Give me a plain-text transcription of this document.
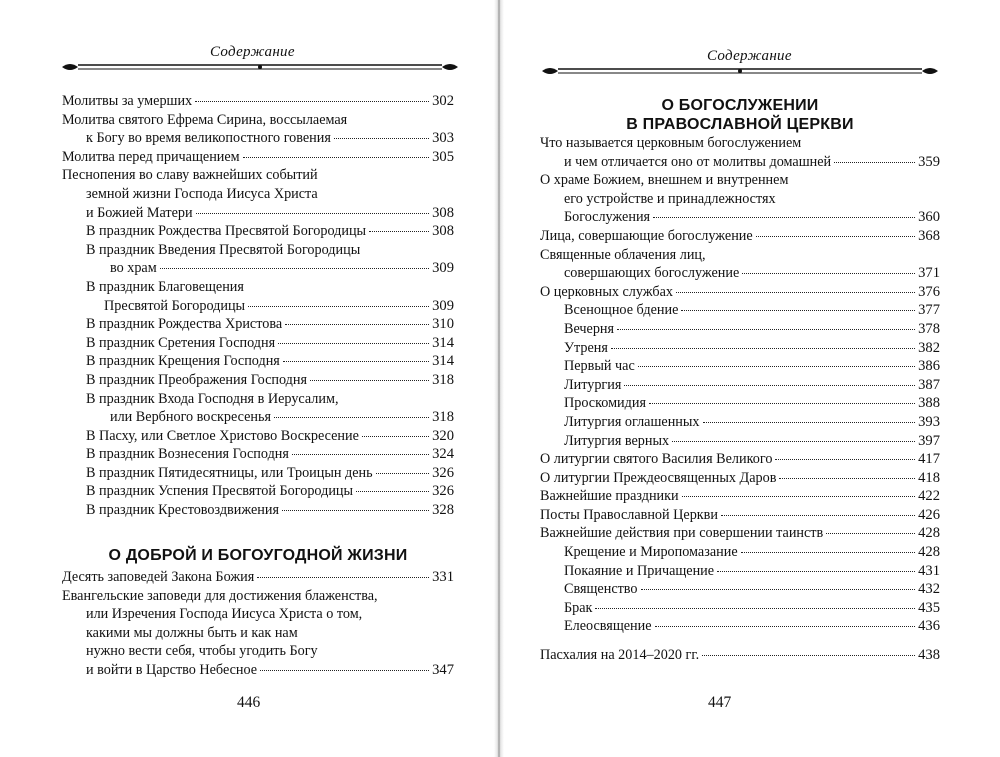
Содержание
Молитвы за умерших	302
Молитва святого Ефрема Сирина, воссылаемая
к Богу во время великопостного говения	303
Молитва перед причащением	305
Песнопения во славу важнейших событий
земной жизни Господа Иисуса Христа
и Божией Матери	308
В праздник Рождества Пресвятой Богородицы	308
В праздник Введения Пресвятой Богородицы
во храм	309
В праздник Благовещения
Пресвятой Богородицы	309
В праздник Рождества Христова	310
В праздник Сретения Господня	314
В праздник Крещения Господня	314
В праздник Преображения Господня	318
В праздник Входа Господня в Иерусалим,
или Вербного воскресенья	318
В Пасху, или Светлое Христово Воскресение	320
В праздник Вознесения Господня	324
В праздник Пятидесятницы, или Троицын день	326
В праздник Успения Пресвятой Богородицы	326
В праздник Крестовоздвижения	328
О ДОБРОЙ И БОГОУГОДНОЙ ЖИЗНИ
Десять заповедей Закона Божия	331
Евангельские заповеди для достижения блаженства,
или Изречения Господа Иисуса Христа о том,
какими мы должны быть и как нам
нужно вести себя, чтобы угодить Богу
и войти в Царство Небесное	347
446
Содержание
О БОГОСЛУЖЕНИИ
В ПРАВОСЛАВНОЙ ЦЕРКВИ
Что называется церковным богослужением
и чем отличается оно от молитвы домашней	359
О храме Божием, внешнем и внутреннем
его устройстве и принадлежностях
Богослужения	360
Лица, совершающие богослужение	368
Священные облачения лиц,
совершающих богослужение	371
О церковных службах	376
Всенощное бдение	377
Вечерня	378
Утреня	382
Первый час	386
Литургия	387
Проскомидия	388
Литургия оглашенных	393
Литургия верных	397
О литургии святого Василия Великого	417
О литургии Преждеосвященных Даров	418
Важнейшие праздники	422
Посты Православной Церкви	426
Важнейшие действия при совершении таинств	428
Крещение и Миропомазание	428
Покаяние и Причащение	431
Священство	432
Брак	435
Елеосвящение	436
Пасхалия на 2014–2020 гг.	438
447
